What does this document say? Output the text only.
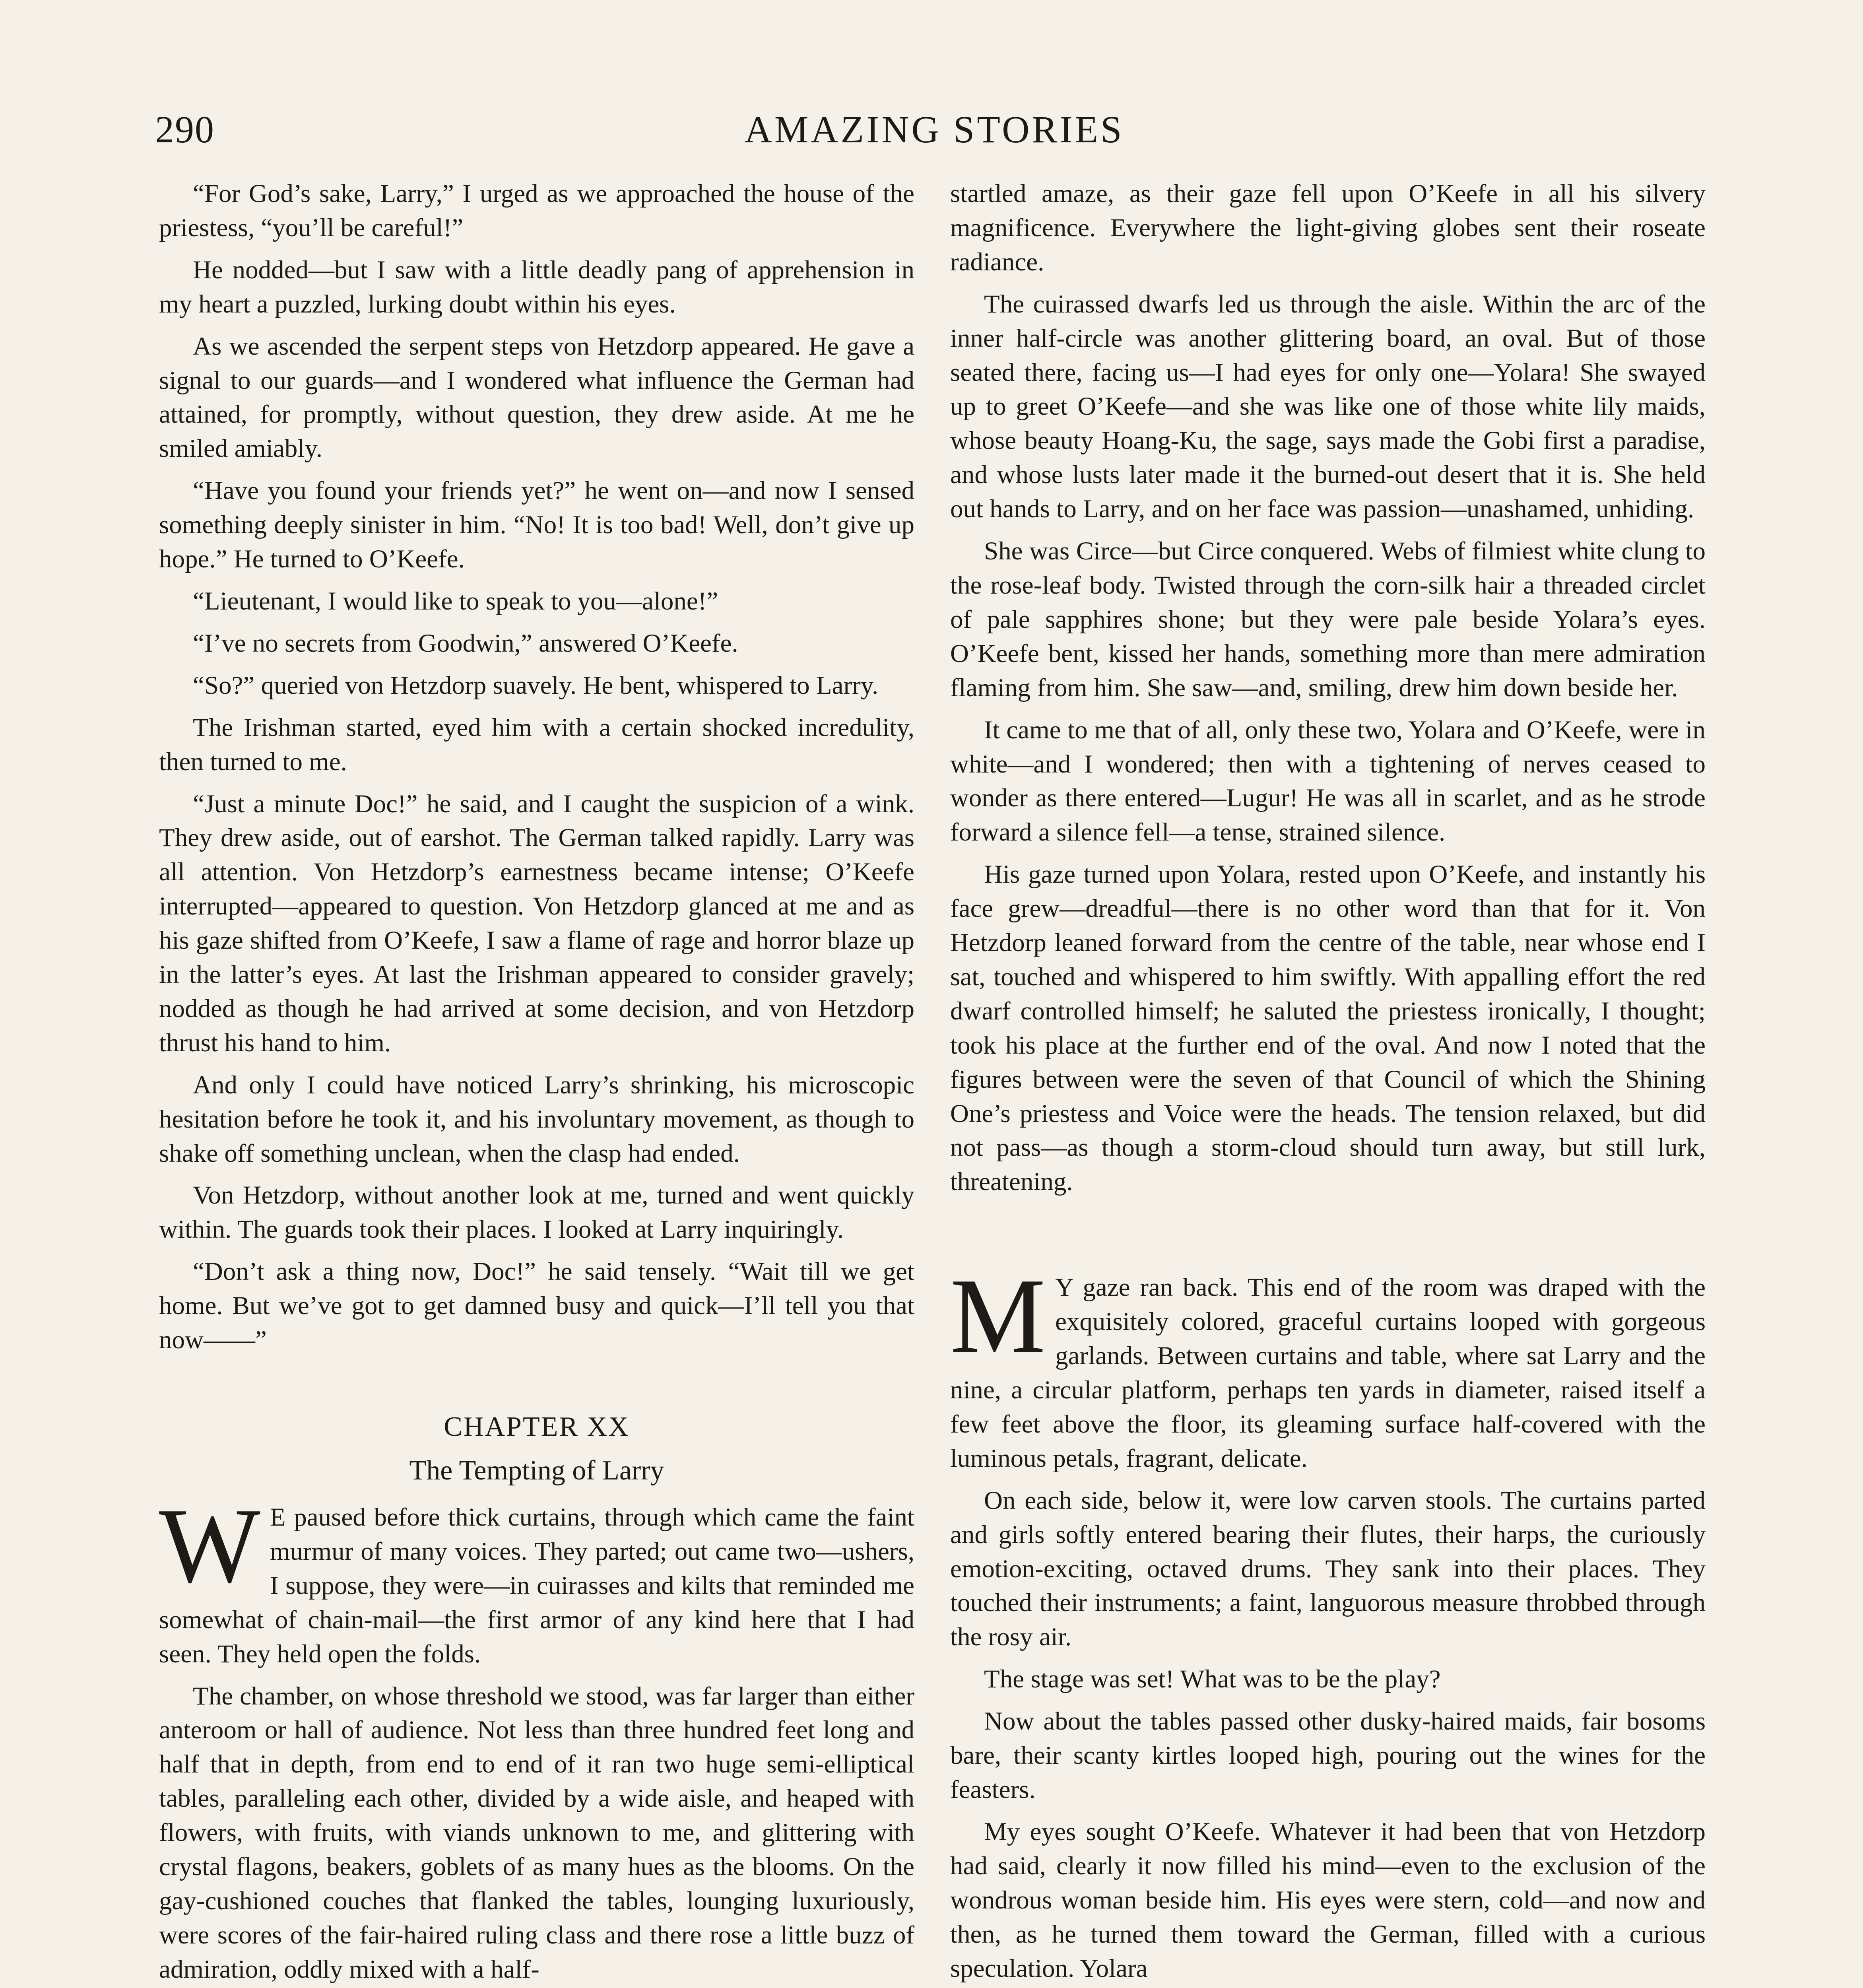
290	AMAZING STORIES

“For God’s sake, Larry,” I urged as we approached the house of the priestess, “you’ll be careful!”

He nodded—but I saw with a little deadly pang of apprehension in my heart a puzzled, lurking doubt within his eyes.

As we ascended the serpent steps von Hetzdorp appeared. He gave a signal to our guards—and I wondered what influence the German had attained, for promptly, without question, they drew aside. At me he smiled amiably.

“Have you found your friends yet?” he went on—and now I sensed something deeply sinister in him. “No! It is too bad! Well, don’t give up hope.” He turned to O’Keefe.

“Lieutenant, I would like to speak to you—alone!”

“I’ve no secrets from Goodwin,” answered O’Keefe.

“So?” queried von Hetzdorp suavely. He bent, whispered to Larry.

The Irishman started, eyed him with a certain shocked incredulity, then turned to me.

“Just a minute Doc!” he said, and I caught the suspicion of a wink. They drew aside, out of earshot. The German talked rapidly. Larry was all attention. Von Hetzdorp’s earnestness became intense; O’Keefe interrupted—appeared to question. Von Hetzdorp glanced at me and as his gaze shifted from O’Keefe, I saw a flame of rage and horror blaze up in the latter’s eyes. At last the Irishman appeared to consider gravely; nodded as though he had arrived at some decision, and von Hetzdorp thrust his hand to him.

And only I could have noticed Larry’s shrinking, his microscopic hesitation before he took it, and his involuntary movement, as though to shake off something unclean, when the clasp had ended.

Von Hetzdorp, without another look at me, turned and went quickly within. The guards took their places. I looked at Larry inquiringly.

“Don’t ask a thing now, Doc!” he said tensely. “Wait till we get home. But we’ve got to get damned busy and quick—I’ll tell you that now——”

CHAPTER XX
The Tempting of Larry

W E paused before thick curtains, through which came the faint murmur of many voices. They parted; out came two—ushers, I suppose, they were—in cuirasses and kilts that reminded me somewhat of chain-mail—the first armor of any kind here that I had seen. They held open the folds.

The chamber, on whose threshold we stood, was far larger than either anteroom or hall of audience. Not less than three hundred feet long and half that in depth, from end to end of it ran two huge semi-elliptical tables, paralleling each other, divided by a wide aisle, and heaped with flowers, with fruits, with viands unknown to me, and glittering with crystal flagons, beakers, goblets of as many hues as the blooms. On the gay-cushioned couches that flanked the tables, lounging luxuriously, were scores of the fair-haired ruling class and there rose a little buzz of admiration, oddly mixed with a half-

startled amaze, as their gaze fell upon O’Keefe in all his silvery magnificence. Everywhere the light-giving globes sent their roseate radiance.

The cuirassed dwarfs led us through the aisle. Within the arc of the inner half-circle was another glittering board, an oval. But of those seated there, facing us—I had eyes for only one—Yolara! She swayed up to greet O’Keefe—and she was like one of those white lily maids, whose beauty Hoang-Ku, the sage, says made the Gobi first a paradise, and whose lusts later made it the burned-out desert that it is. She held out hands to Larry, and on her face was passion—unashamed, unhiding.

She was Circe—but Circe conquered. Webs of filmiest white clung to the rose-leaf body. Twisted through the corn-silk hair a threaded circlet of pale sapphires shone; but they were pale beside Yolara’s eyes. O’Keefe bent, kissed her hands, something more than mere admiration flaming from him. She saw—and, smiling, drew him down beside her.

It came to me that of all, only these two, Yolara and O’Keefe, were in white—and I wondered; then with a tightening of nerves ceased to wonder as there entered—Lugur! He was all in scarlet, and as he strode forward a silence fell—a tense, strained silence.

His gaze turned upon Yolara, rested upon O’Keefe, and instantly his face grew—dreadful—there is no other word than that for it. Von Hetzdorp leaned forward from the centre of the table, near whose end I sat, touched and whispered to him swiftly. With appalling effort the red dwarf controlled himself; he saluted the priestess ironically, I thought; took his place at the further end of the oval. And now I noted that the figures between were the seven of that Council of which the Shining One’s priestess and Voice were the heads. The tension relaxed, but did not pass—as though a storm-cloud should turn away, but still lurk, threatening.

M Y gaze ran back. This end of the room was draped with the exquisitely colored, graceful curtains looped with gorgeous garlands. Between curtains and table, where sat Larry and the nine, a circular platform, perhaps ten yards in diameter, raised itself a few feet above the floor, its gleaming surface half-covered with the luminous petals, fragrant, delicate.

On each side, below it, were low carven stools. The curtains parted and girls softly entered bearing their flutes, their harps, the curiously emotion-exciting, octaved drums. They sank into their places. They touched their instruments; a faint, languorous measure throbbed through the rosy air.

The stage was set! What was to be the play?

Now about the tables passed other dusky-haired maids, fair bosoms bare, their scanty kirtles looped high, pouring out the wines for the feasters.

My eyes sought O’Keefe. Whatever it had been that von Hetzdorp had said, clearly it now filled his mind—even to the exclusion of the wondrous woman beside him. His eyes were stern, cold—and now and then, as he turned them toward the German, filled with a curious speculation. Yolara
